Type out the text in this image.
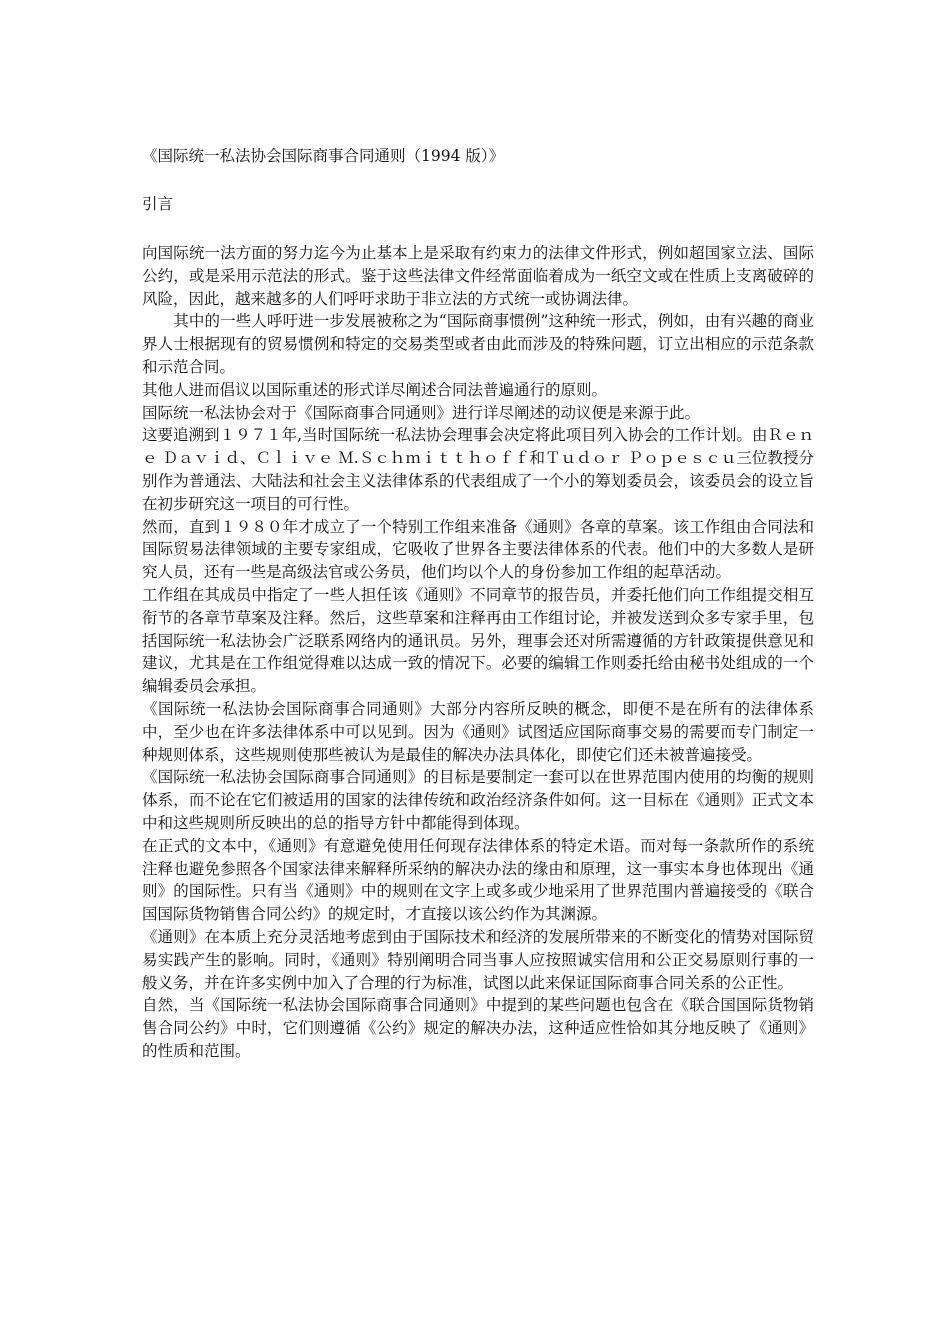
《国际统一私法协会国际商事合同通则（1994 版）》
引言

向国际统一法方面的努力迄今为止基本上是采取有约束力的法律文件形式，例如超国家立法、国际公约，或是采用示范法的形式。鉴于这些法律文件经常面临着成为一纸空文或在性质上支离破碎的风险，因此，越来越多的人们呼吁求助于非立法的方式统一或协调法律。

　　其中的一些人呼吁进一步发展被称之为“国际商事惯例”这种统一形式，例如，由有兴趣的商业界人士根据现有的贸易惯例和特定的交易类型或者由此而涉及的特殊问题，订立出相应的示范条款和示范合同。

其他人进而倡议以国际重述的形式详尽阐述合同法普遍通行的原则。

国际统一私法协会对于《国际商事合同通则》进行详尽阐述的动议便是来源于此。

这要追溯到１９７１年,当时国际统一私法协会理事会决定将此项目列入协会的工作计划。由Ｒｅｎｅ Ｄａｖｉｄ、Ｃｌｉｖｅ Ｍ.Ｓｃｈｍｉｔｔｈｏｆｆ和Ｔｕｄｏｒ Ｐｏｐｅｓｃｕ三位教授分别作为普通法、大陆法和社会主义法律体系的代表组成了一个小的筹划委员会，该委员会的设立旨在初步研究这一项目的可行性。

然而，直到１９８０年才成立了一个特别工作组来准备《通则》各章的草案。该工作组由合同法和国际贸易法律领域的主要专家组成，它吸收了世界各主要法律体系的代表。他们中的大多数人是研究人员，还有一些是高级法官或公务员，他们均以个人的身份参加工作组的起草活动。

工作组在其成员中指定了一些人担任该《通则》不同章节的报告员，并委托他们向工作组提交相互衔节的各章节草案及注释。然后，这些草案和注释再由工作组讨论，并被发送到众多专家手里，包括国际统一私法协会广泛联系网络内的通讯员。另外，理事会还对所需遵循的方针政策提供意见和建议，尤其是在工作组觉得难以达成一致的情况下。必要的编辑工作则委托给由秘书处组成的一个编辑委员会承担。

《国际统一私法协会国际商事合同通则》大部分内容所反映的概念，即便不是在所有的法律体系中，至少也在许多法律体系中可以见到。因为《通则》试图适应国际商事交易的需要而专门制定一种规则体系，这些规则使那些被认为是最佳的解决办法具体化，即使它们还未被普遍接受。

《国际统一私法协会国际商事合同通则》的目标是要制定一套可以在世界范围内使用的均衡的规则体系，而不论在它们被适用的国家的法律传统和政治经济条件如何。这一目标在《通则》正式文本中和这些规则所反映出的总的指导方针中都能得到体现。

在正式的文本中，《通则》有意避免使用任何现存法律体系的特定术语。而对每一条款所作的系统注释也避免参照各个国家法律来解释所采纳的解决办法的缘由和原理，这一事实本身也体现出《通则》的国际性。只有当《通则》中的规则在文字上或多或少地采用了世界范围内普遍接受的《联合国国际货物销售合同公约》的规定时，才直接以该公约作为其渊源。

《通则》在本质上充分灵活地考虑到由于国际技术和经济的发展所带来的不断变化的情势对国际贸易实践产生的影响。同时，《通则》特别阐明合同当事人应按照诚实信用和公正交易原则行事的一般义务，并在许多实例中加入了合理的行为标准，试图以此来保证国际商事合同关系的公正性。

自然，当《国际统一私法协会国际商事合同通则》中提到的某些问题也包含在《联合国国际货物销售合同公约》中时，它们则遵循《公约》规定的解决办法，这种适应性恰如其分地反映了《通则》的性质和范围。
